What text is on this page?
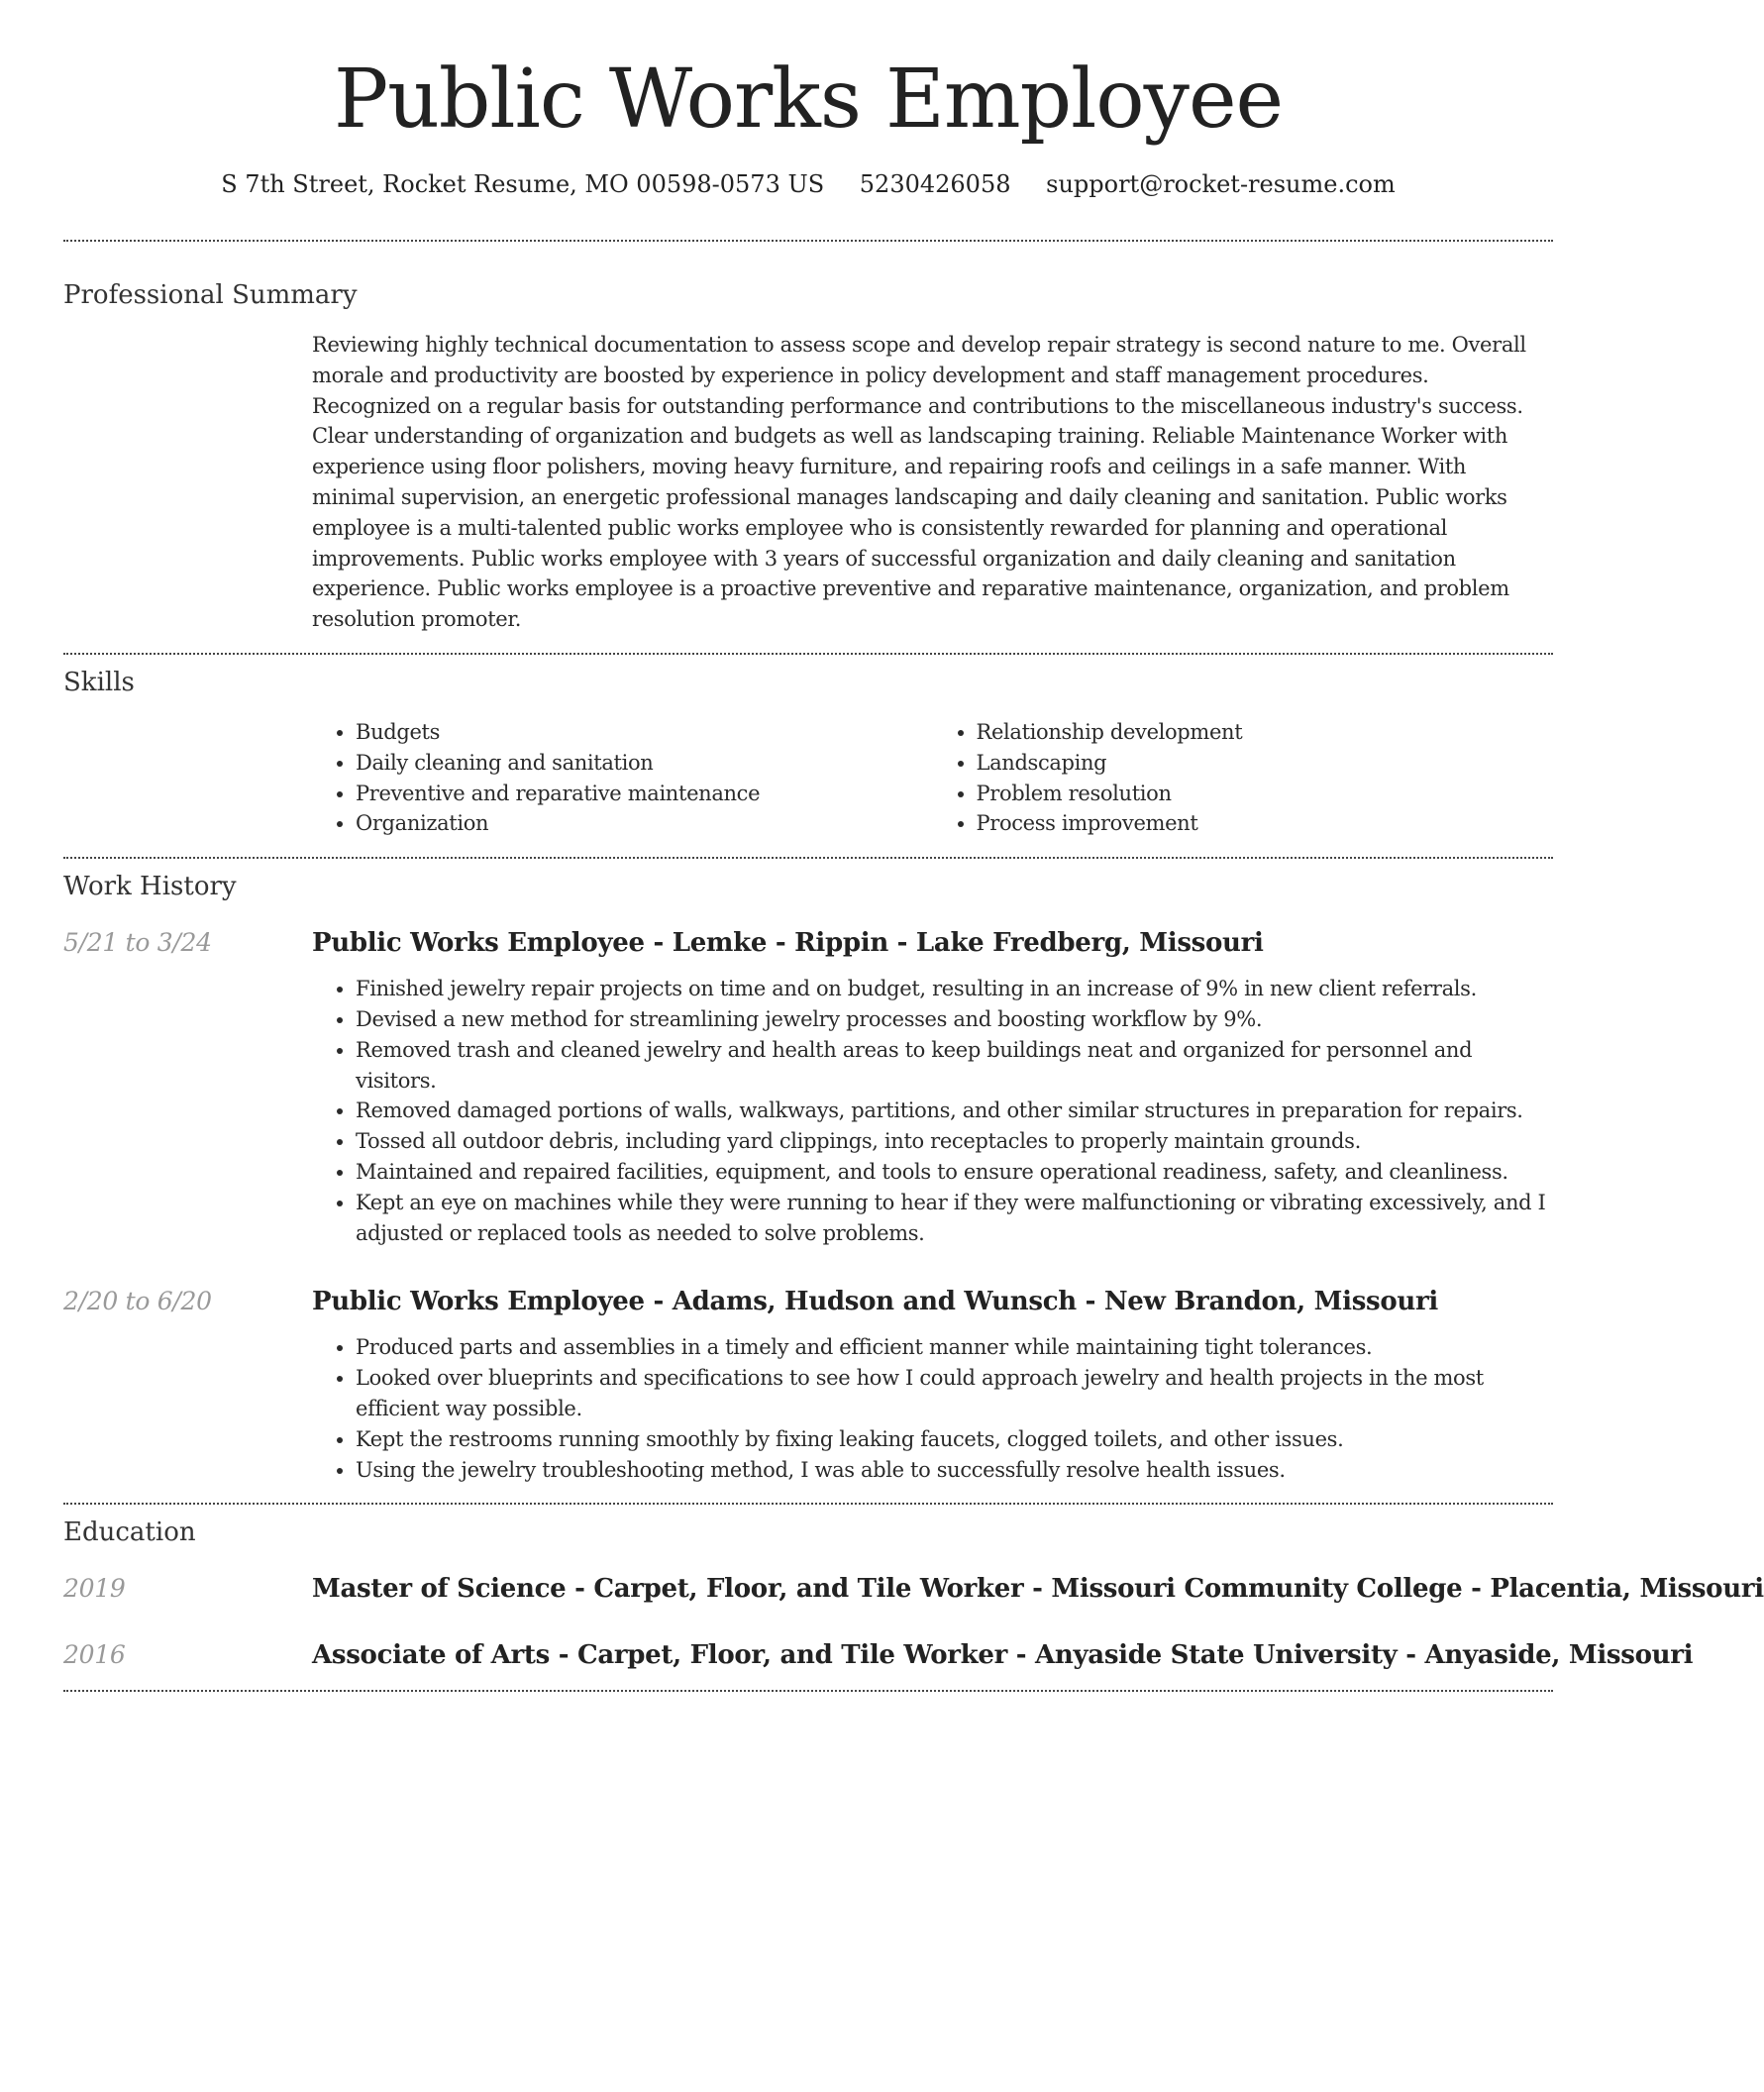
Public Works Employee
S 7th Street, Rocket Resume, MO 00598-0573 US 5230426058 support@rocket-resume.com
Professional Summary

Reviewing highly technical documentation to assess scope and develop repair strategy is second nature to me. Overall morale and productivity are boosted by experience in policy development and staff management procedures. Recognized on a regular basis for outstanding performance and contributions to the miscellaneous industry's success. Clear understanding of organization and budgets as well as landscaping training. Reliable Maintenance Worker with experience using floor polishers, moving heavy furniture, and repairing roofs and ceilings in a safe manner. With minimal supervision, an energetic professional manages landscaping and daily cleaning and sanitation. Public works employee is a multi-talented public works employee who is consistently rewarded for planning and operational improvements. Public works employee with 3 years of successful organization and daily cleaning and sanitation experience. Public works employee is a proactive preventive and reparative maintenance, organization, and problem resolution promoter.

Skills
• Budgets
• Daily cleaning and sanitation
• Preventive and reparative maintenance
• Organization
• Relationship development
• Landscaping
• Problem resolution
• Process improvement
Work History
5/21 to 3/24	Public Works Employee - Lemke - Rippin - Lake Fredberg, Missouri
• Finished jewelry repair projects on time and on budget, resulting in an increase of 9% in new client referrals.
• Devised a new method for streamlining jewelry processes and boosting workflow by 9%.
• Removed trash and cleaned jewelry and health areas to keep buildings neat and organized for personnel and visitors.
• Removed damaged portions of walls, walkways, partitions, and other similar structures in preparation for repairs.
• Tossed all outdoor debris, including yard clippings, into receptacles to properly maintain grounds.
• Maintained and repaired facilities, equipment, and tools to ensure operational readiness, safety, and cleanliness.
• Kept an eye on machines while they were running to hear if they were malfunctioning or vibrating excessively, and I adjusted or replaced tools as needed to solve problems.
2/20 to 6/20	Public Works Employee - Adams, Hudson and Wunsch - New Brandon, Missouri
• Produced parts and assemblies in a timely and efficient manner while maintaining tight tolerances.
• Looked over blueprints and specifications to see how I could approach jewelry and health projects in the most efficient way possible.
• Kept the restrooms running smoothly by fixing leaking faucets, clogged toilets, and other issues.
• Using the jewelry troubleshooting method, I was able to successfully resolve health issues.
Education
2019	Master of Science - Carpet, Floor, and Tile Worker - Missouri Community College - Placentia, Missouri
2016	Associate of Arts - Carpet, Floor, and Tile Worker - Anyaside State University - Anyaside, Missouri
